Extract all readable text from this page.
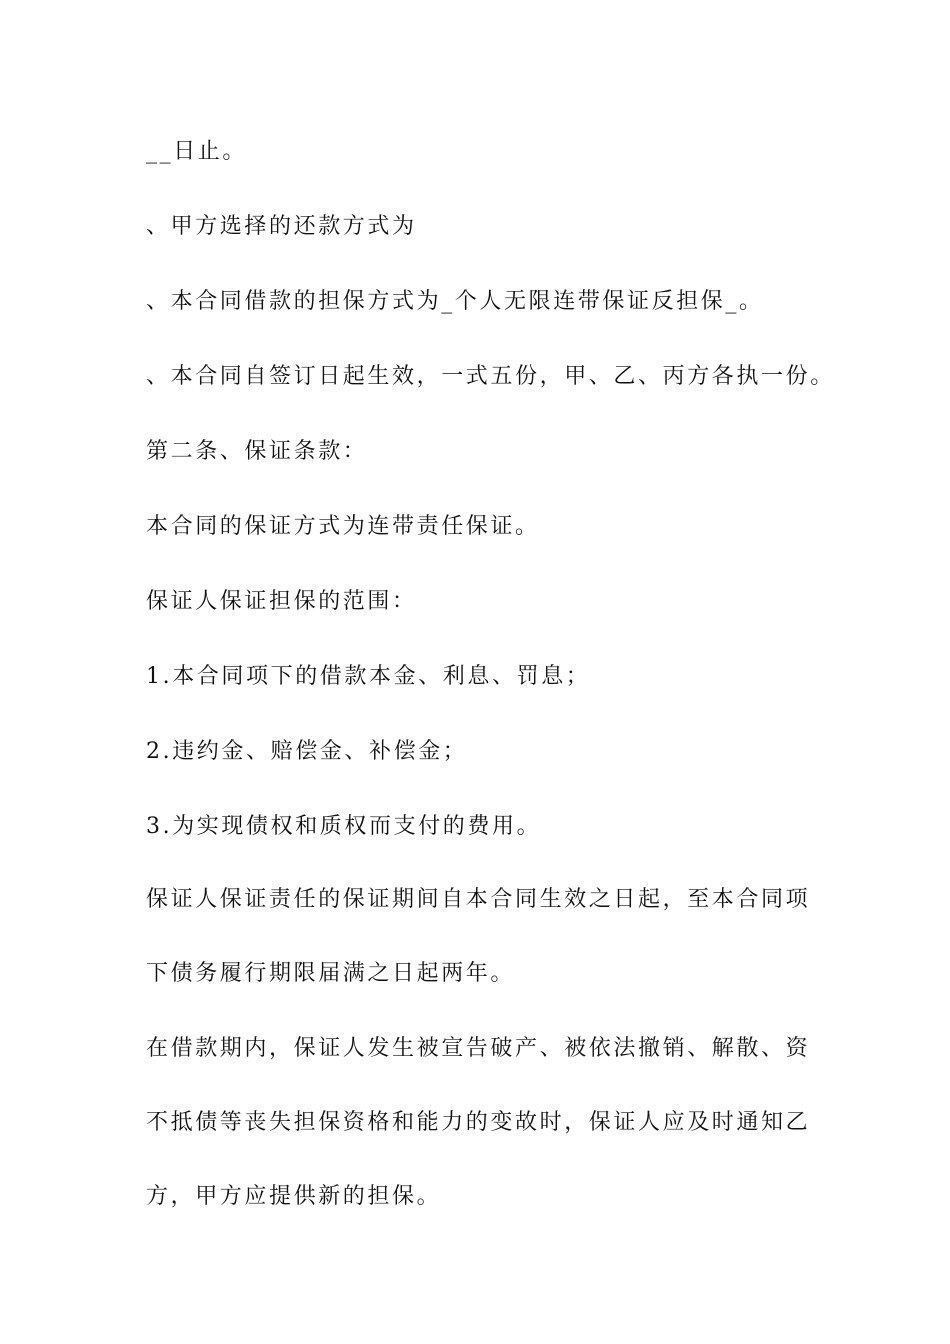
__日止。
、甲方选择的还款方式为
、本合同借款的担保方式为_个人无限连带保证反担保_。
、本合同自签订日起生效，一式五份，甲、乙、丙方各执一份。
第二条、保证条款：
本合同的保证方式为连带责任保证。
保证人保证担保的范围：
1.本合同项下的借款本金、利息、罚息；
2.违约金、赔偿金、补偿金；
3.为实现债权和质权而支付的费用。
保证人保证责任的保证期间自本合同生效之日起，至本合同项
下债务履行期限届满之日起两年。
在借款期内，保证人发生被宣告破产、被依法撤销、解散、资
不抵债等丧失担保资格和能力的变故时，保证人应及时通知乙
方，甲方应提供新的担保。
